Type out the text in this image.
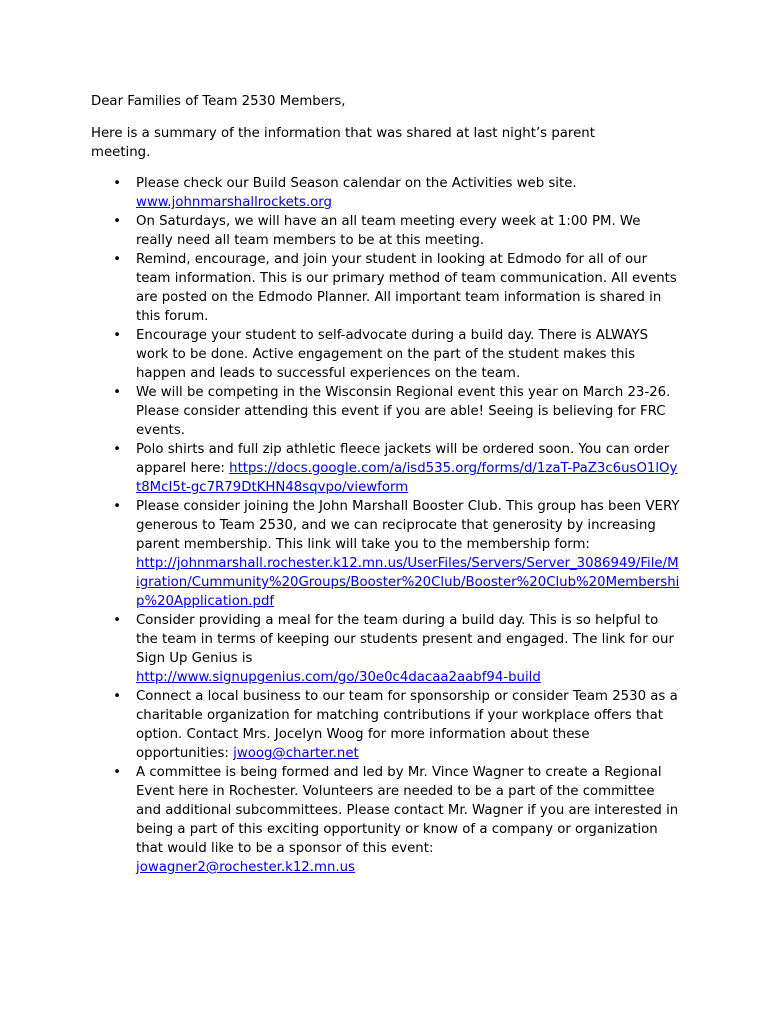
Dear Families of Team 2530 Members,

Here is a summary of the information that was shared at last night’s parent meeting.

• Please check our Build Season calendar on the Activities web site.
www.johnmarshallrockets.org
• On Saturdays, we will have an all team meeting every week at 1:00 PM. We really need all team members to be at this meeting.
• Remind, encourage, and join your student in looking at Edmodo for all of our team information. This is our primary method of team communication. All events are posted on the Edmodo Planner. All important team information is shared in this forum.
• Encourage your student to self-advocate during a build day. There is ALWAYS work to be done. Active engagement on the part of the student makes this happen and leads to successful experiences on the team.
• We will be competing in the Wisconsin Regional event this year on March 23-26. Please consider attending this event if you are able! Seeing is believing for FRC events.
• Polo shirts and full zip athletic fleece jackets will be ordered soon. You can order apparel here: https://docs.google.com/a/isd535.org/forms/d/1zaT-PaZ3c6usO1lOyt8McI5t-gc7R79DtKHN48sqvpo/viewform
• Please consider joining the John Marshall Booster Club. This group has been VERY generous to Team 2530, and we can reciprocate that generosity by increasing parent membership. This link will take you to the membership form:
http://johnmarshall.rochester.k12.mn.us/UserFiles/Servers/Server_3086949/File/Migration/Cummunity%20Groups/Booster%20Club/Booster%20Club%20Membership%20Application.pdf
• Consider providing a meal for the team during a build day. This is so helpful to the team in terms of keeping our students present and engaged. The link for our Sign Up Genius is
http://www.signupgenius.com/go/30e0c4dacaa2aabf94-build
• Connect a local business to our team for sponsorship or consider Team 2530 as a charitable organization for matching contributions if your workplace offers that option. Contact Mrs. Jocelyn Woog for more information about these opportunities: jwoog@charter.net
• A committee is being formed and led by Mr. Vince Wagner to create a Regional Event here in Rochester. Volunteers are needed to be a part of the committee and additional subcommittees. Please contact Mr. Wagner if you are interested in being a part of this exciting opportunity or know of a company or organization that would like to be a sponsor of this event:
jowagner2@rochester.k12.mn.us
